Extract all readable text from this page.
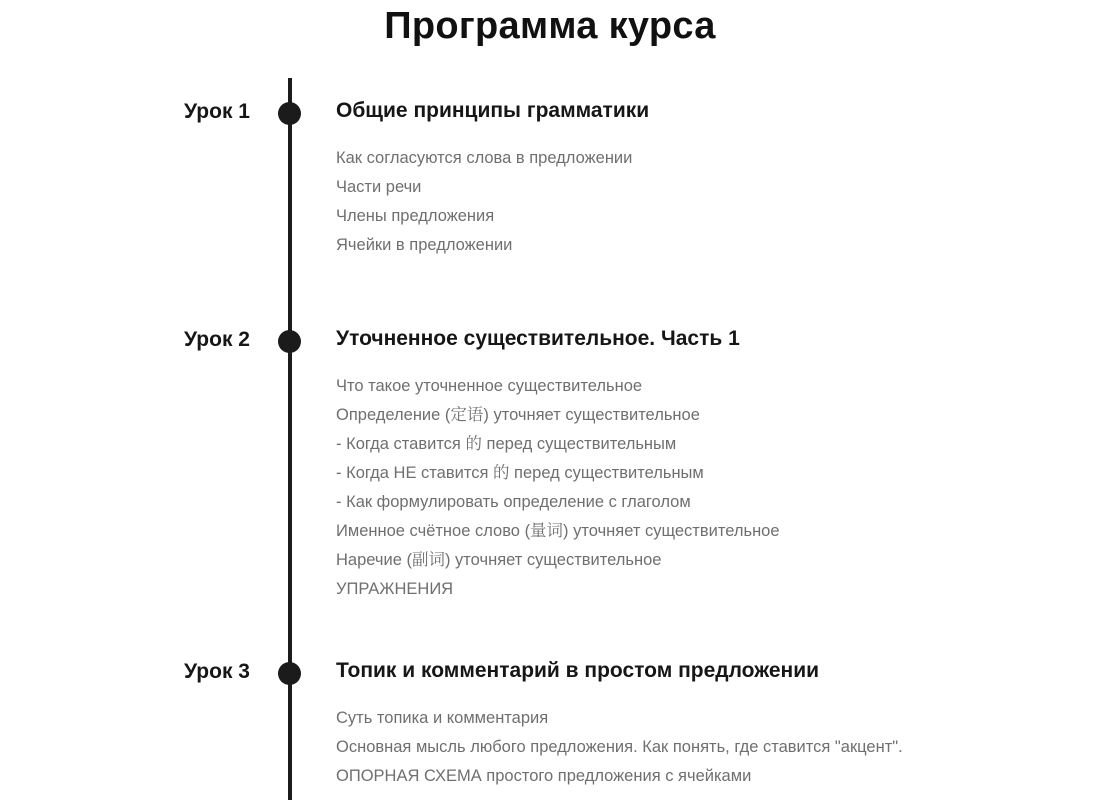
Программа курса
Урок 1	Общие принципы грамматики
Как согласуются слова в предложении
Части речи
Члены предложения
Ячейки в предложении
Урок 2	Уточненное существительное. Часть 1
Что такое уточненное существительное
Определение (定语) уточняет существительное
- Когда ставится 的 перед существительным
- Когда НЕ ставится 的 перед существительным
- Как формулировать определение с глаголом
Именное счётное слово (量词) уточняет существительное
Наречие (副词) уточняет существительное
УПРАЖНЕНИЯ
Урок 3	Топик и комментарий в простом предложении
Суть топика и комментария
Основная мысль любого предложения. Как понять, где ставится "акцент".
ОПОРНАЯ СХЕМА простого предложения с ячейками
